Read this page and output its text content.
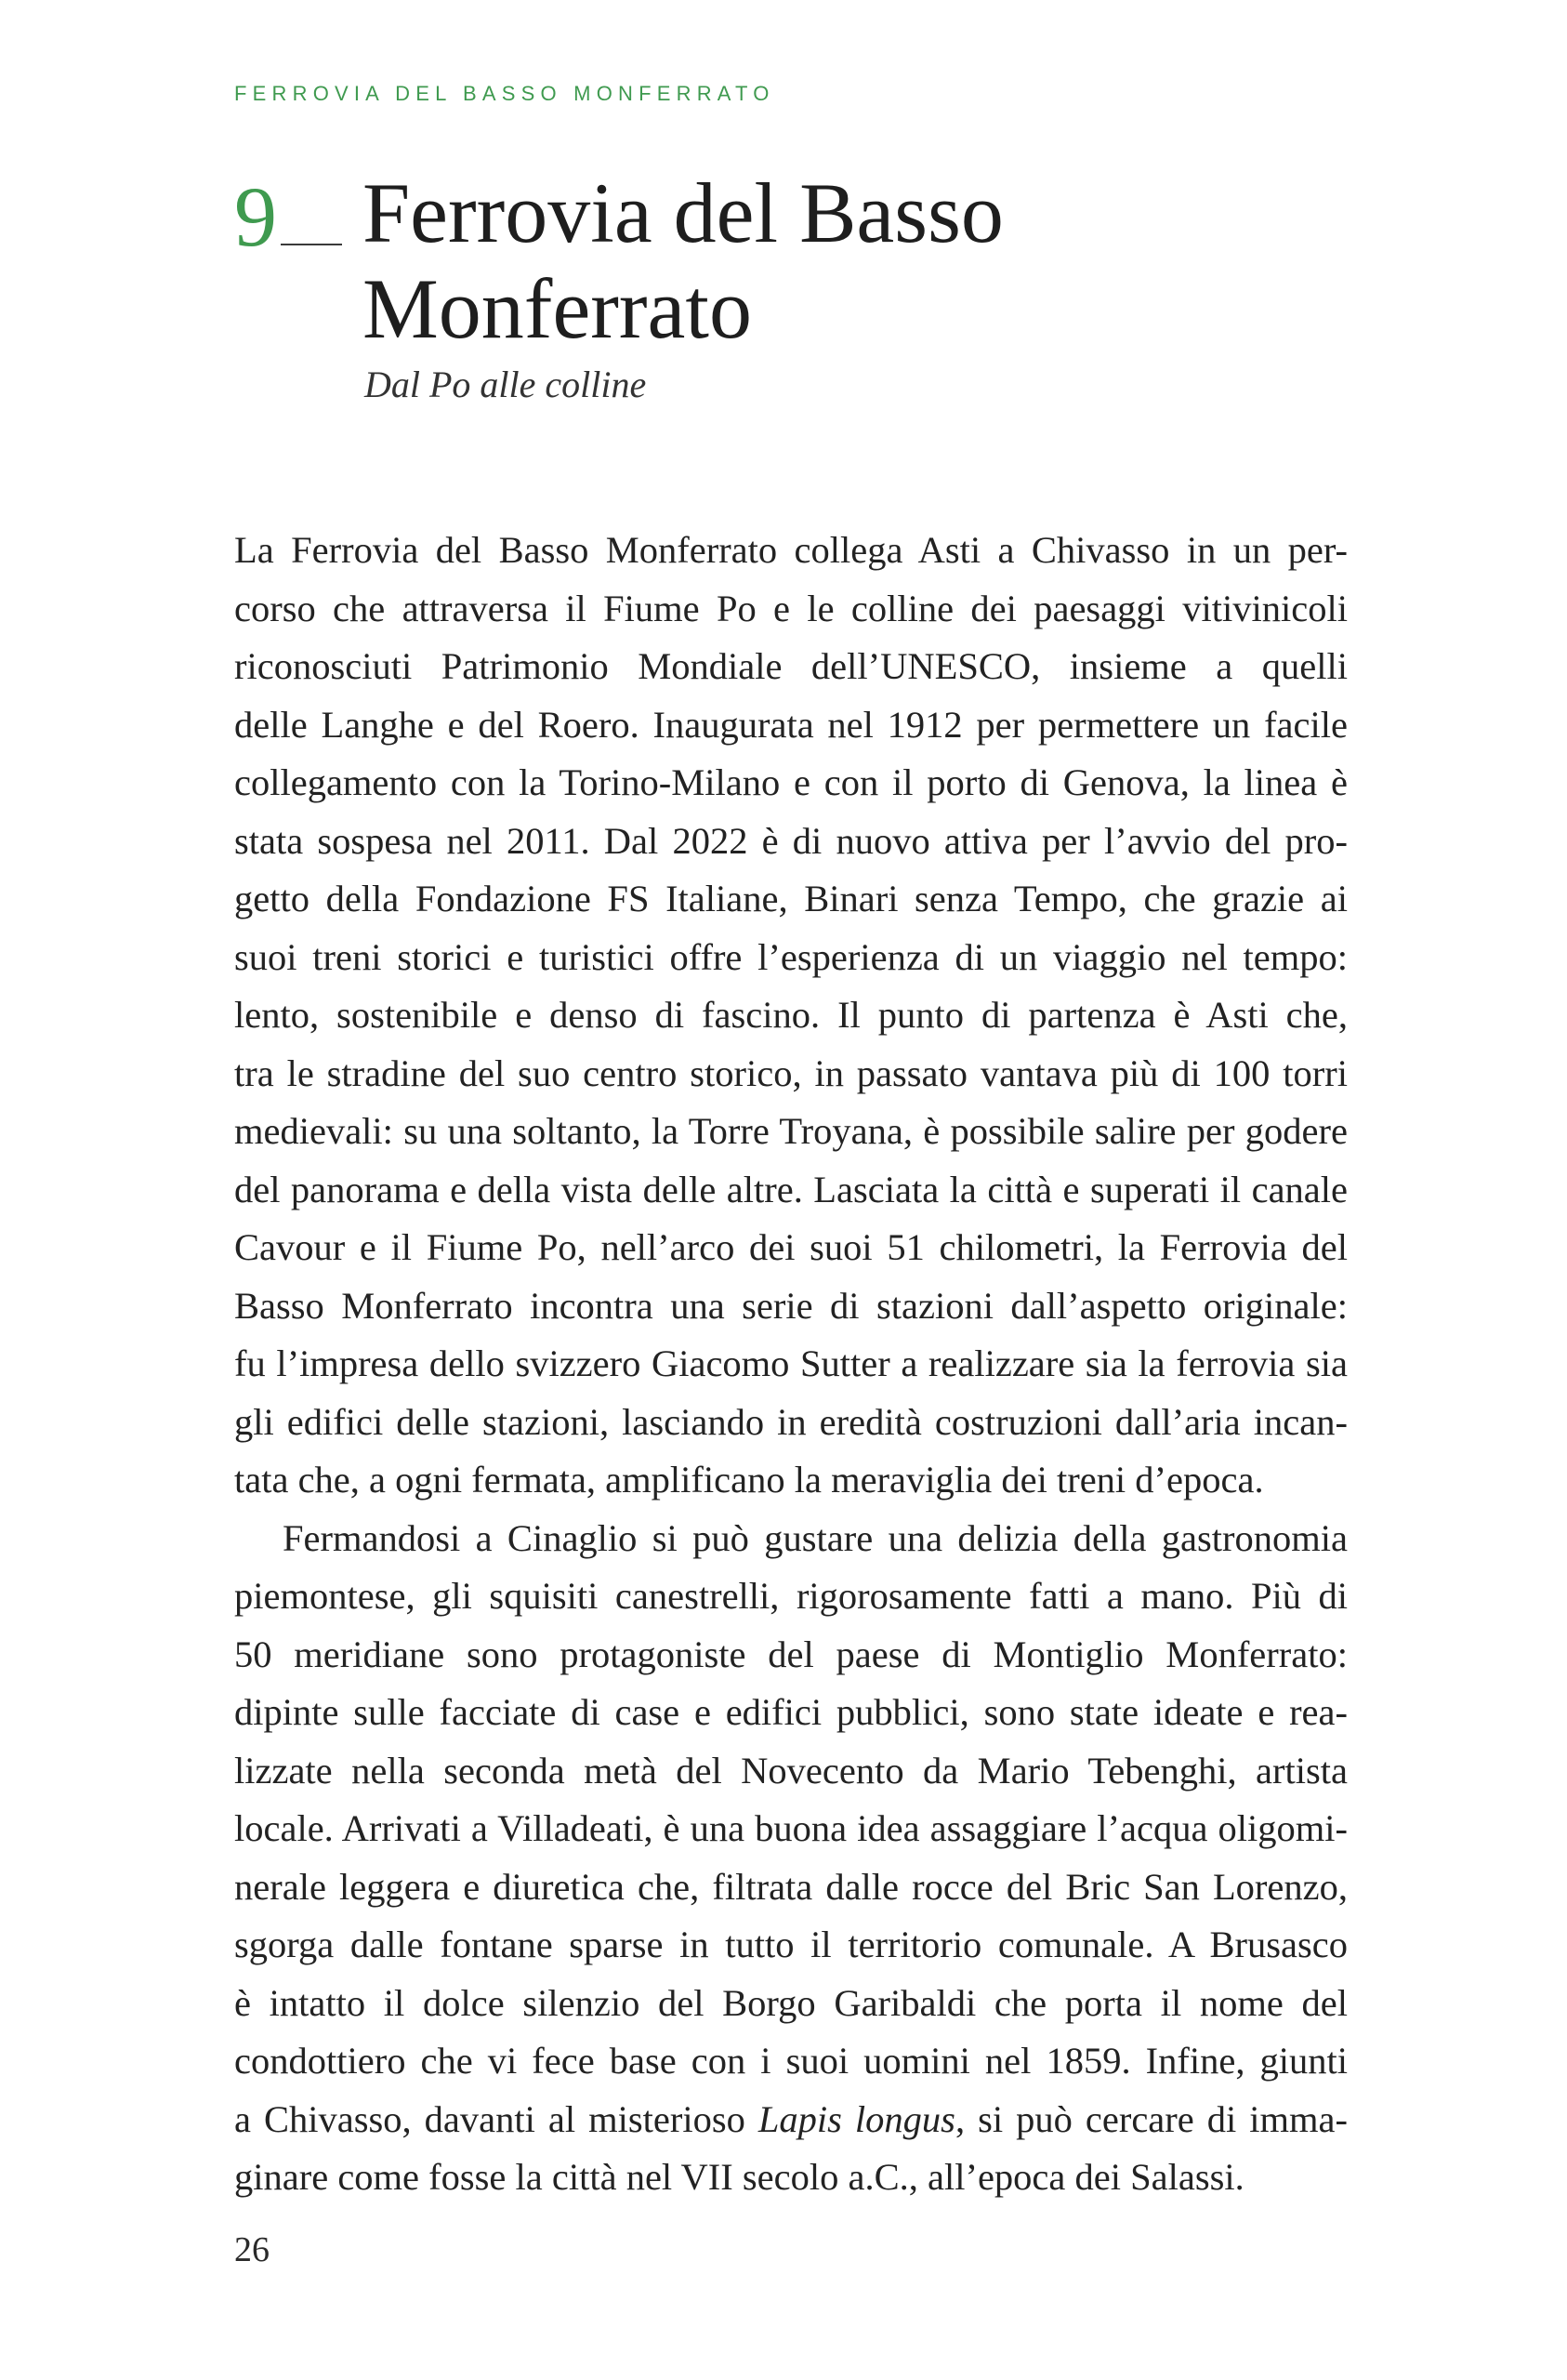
FERROVIA DEL BASSO MONFERRATO
9 Ferrovia del Basso
Monferrato
Dal Po alle colline
La Ferrovia del Basso Monferrato collega Asti a Chivasso in un per-
corso che attraversa il Fiume Po e le colline dei paesaggi vitivinicoli
riconosciuti Patrimonio Mondiale dell’UNESCO, insieme a quelli
delle Langhe e del Roero. Inaugurata nel 1912 per permettere un facile
collegamento con la Torino-Milano e con il porto di Genova, la linea è
stata sospesa nel 2011. Dal 2022 è di nuovo attiva per l’avvio del pro-
getto della Fondazione FS Italiane, Binari senza Tempo, che grazie ai
suoi treni storici e turistici offre l’esperienza di un viaggio nel tempo:
lento, sostenibile e denso di fascino. Il punto di partenza è Asti che,
tra le stradine del suo centro storico, in passato vantava più di 100 torri
medievali: su una soltanto, la Torre Troyana, è possibile salire per godere
del panorama e della vista delle altre. Lasciata la città e superati il canale
Cavour e il Fiume Po, nell’arco dei suoi 51 chilometri, la Ferrovia del
Basso Monferrato incontra una serie di stazioni dall’aspetto originale:
fu l’impresa dello svizzero Giacomo Sutter a realizzare sia la ferrovia sia
gli edifici delle stazioni, lasciando in eredità costruzioni dall’aria incan-
tata che, a ogni fermata, amplificano la meraviglia dei treni d’epoca.
Fermandosi a Cinaglio si può gustare una delizia della gastronomia
piemontese, gli squisiti canestrelli, rigorosamente fatti a mano. Più di
50 meridiane sono protagoniste del paese di Montiglio Monferrato:
dipinte sulle facciate di case e edifici pubblici, sono state ideate e rea-
lizzate nella seconda metà del Novecento da Mario Tebenghi, artista
locale. Arrivati a Villadeati, è una buona idea assaggiare l’acqua oligomi-
nerale leggera e diuretica che, filtrata dalle rocce del Bric San Lorenzo,
sgorga dalle fontane sparse in tutto il territorio comunale. A Brusasco
è intatto il dolce silenzio del Borgo Garibaldi che porta il nome del
condottiero che vi fece base con i suoi uomini nel 1859. Infine, giunti
a Chivasso, davanti al misterioso Lapis longus, si può cercare di imma-
ginare come fosse la città nel VII secolo a.C., all’epoca dei Salassi.
26
